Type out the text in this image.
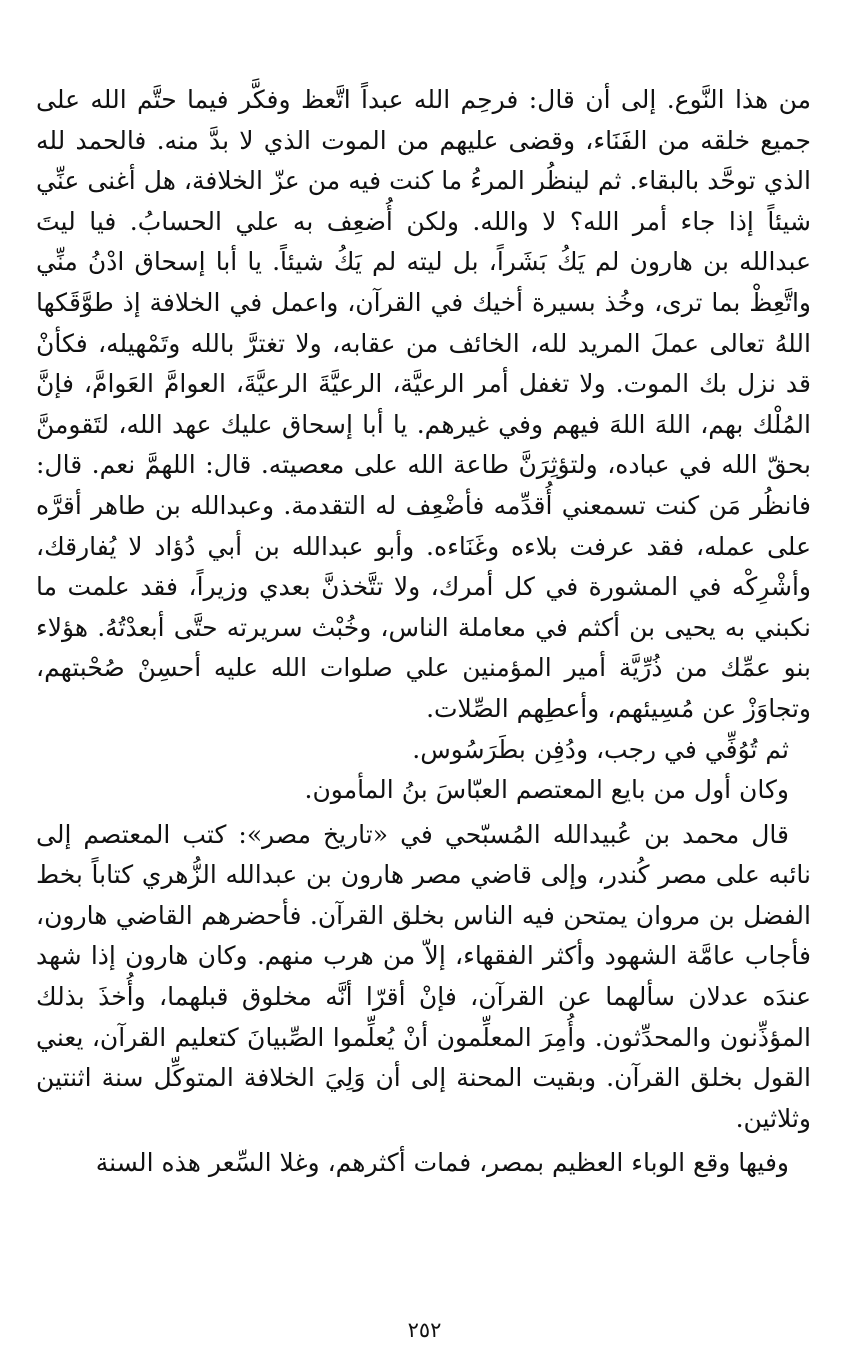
من هذا النَّوع. إلى أن قال: فرحِم الله عبداً اتَّعظ وفكَّر فيما حتَّم الله على جميع خلقه من الفَنَاء، وقضى عليهم من الموت الذي لا بدَّ منه. فالحمد لله الذي توحَّد بالبقاء. ثم لينظُر المرءُ ما كنت فيه من عزّ الخلافة، هل أغنى عنِّي شيئاً إذا جاء أمر الله؟ لا والله. ولكن أُضعِف به علي الحسابُ. فيا ليتَ عبدالله بن هارون لم يَكُ بَشَراً، بل ليته لم يَكُ شيئاً. يا أبا إسحاق ادْنُ منِّي واتَّعِظْ بما ترى، وخُذ بسيرة أخيك في القرآن، واعمل في الخلافة إذ طوَّقَكها اللهُ تعالى عملَ المريد لله، الخائف من عقابه، ولا تغترَّ بالله وتَمْهيله، فكأنْ قد نزل بك الموت. ولا تغفل أمر الرعيَّة، الرعيَّةَ الرعيَّةَ، العوامَّ العَوامَّ، فإنَّ المُلْك بهم، اللهَ اللهَ فيهم وفي غيرهم. يا أبا إسحاق عليك عهد الله، لتَقومنَّ بحقّ الله في عباده، ولتؤثِرَنَّ طاعة الله على معصيته. قال: اللهمَّ نعم. قال: فانظُر مَن كنت تسمعني أُقدِّمه فأضْعِف له التقدمة. وعبدالله بن طاهر أقرَّه على عمله، فقد عرفت بلاءه وغَنَاءه. وأبو عبدالله بن أبي دُؤاد لا يُفارقك، وأشْرِكْه في المشورة في كل أمرك، ولا تتَّخذنَّ بعدي وزيراً، فقد علمت ما نكبني به يحيى بن أكثم في معاملة الناس، وخُبْث سريرته حتَّى أبعدْتُهُ. هؤلاء بنو عمِّك من ذُرِّيَّة أمير المؤمنين علي صلوات الله عليه أحسِنْ صُحْبتهم، وتجاوَزْ عن مُسِيئهم، وأعطِهم الصِّلات.

ثم تُوُفِّي في رجب، ودُفِن بطَرَسُوس.

وكان أول من بايع المعتصم العبّاسَ بنُ المأمون.

قال محمد بن عُبيدالله المُسبّحي في «تاريخ مصر»: كتب المعتصم إلى نائبه على مصر كُندر، وإلى قاضي مصر هارون بن عبدالله الزُّهري كتاباً بخط الفضل بن مروان يمتحن فيه الناس بخلق القرآن. فأحضرهم القاضي هارون، فأجاب عامَّة الشهود وأكثر الفقهاء، إلاّ من هرب منهم. وكان هارون إذا شهد عندَه عدلان سألهما عن القرآن، فإنْ أقرّا أنَّه مخلوق قبلهما، وأُخذَ بذلك المؤذِّنون والمحدِّثون. وأُمِرَ المعلِّمون أنْ يُعلِّموا الصِّبيانَ كتعليم القرآن، يعني القول بخلق القرآن. وبقيت المحنة إلى أن وَلِيَ الخلافة المتوكِّل سنة اثنتين وثلاثين.

وفيها وقع الوباء العظيم بمصر، فمات أكثرهم، وغلا السِّعر هذه السنة

٢٥٢
